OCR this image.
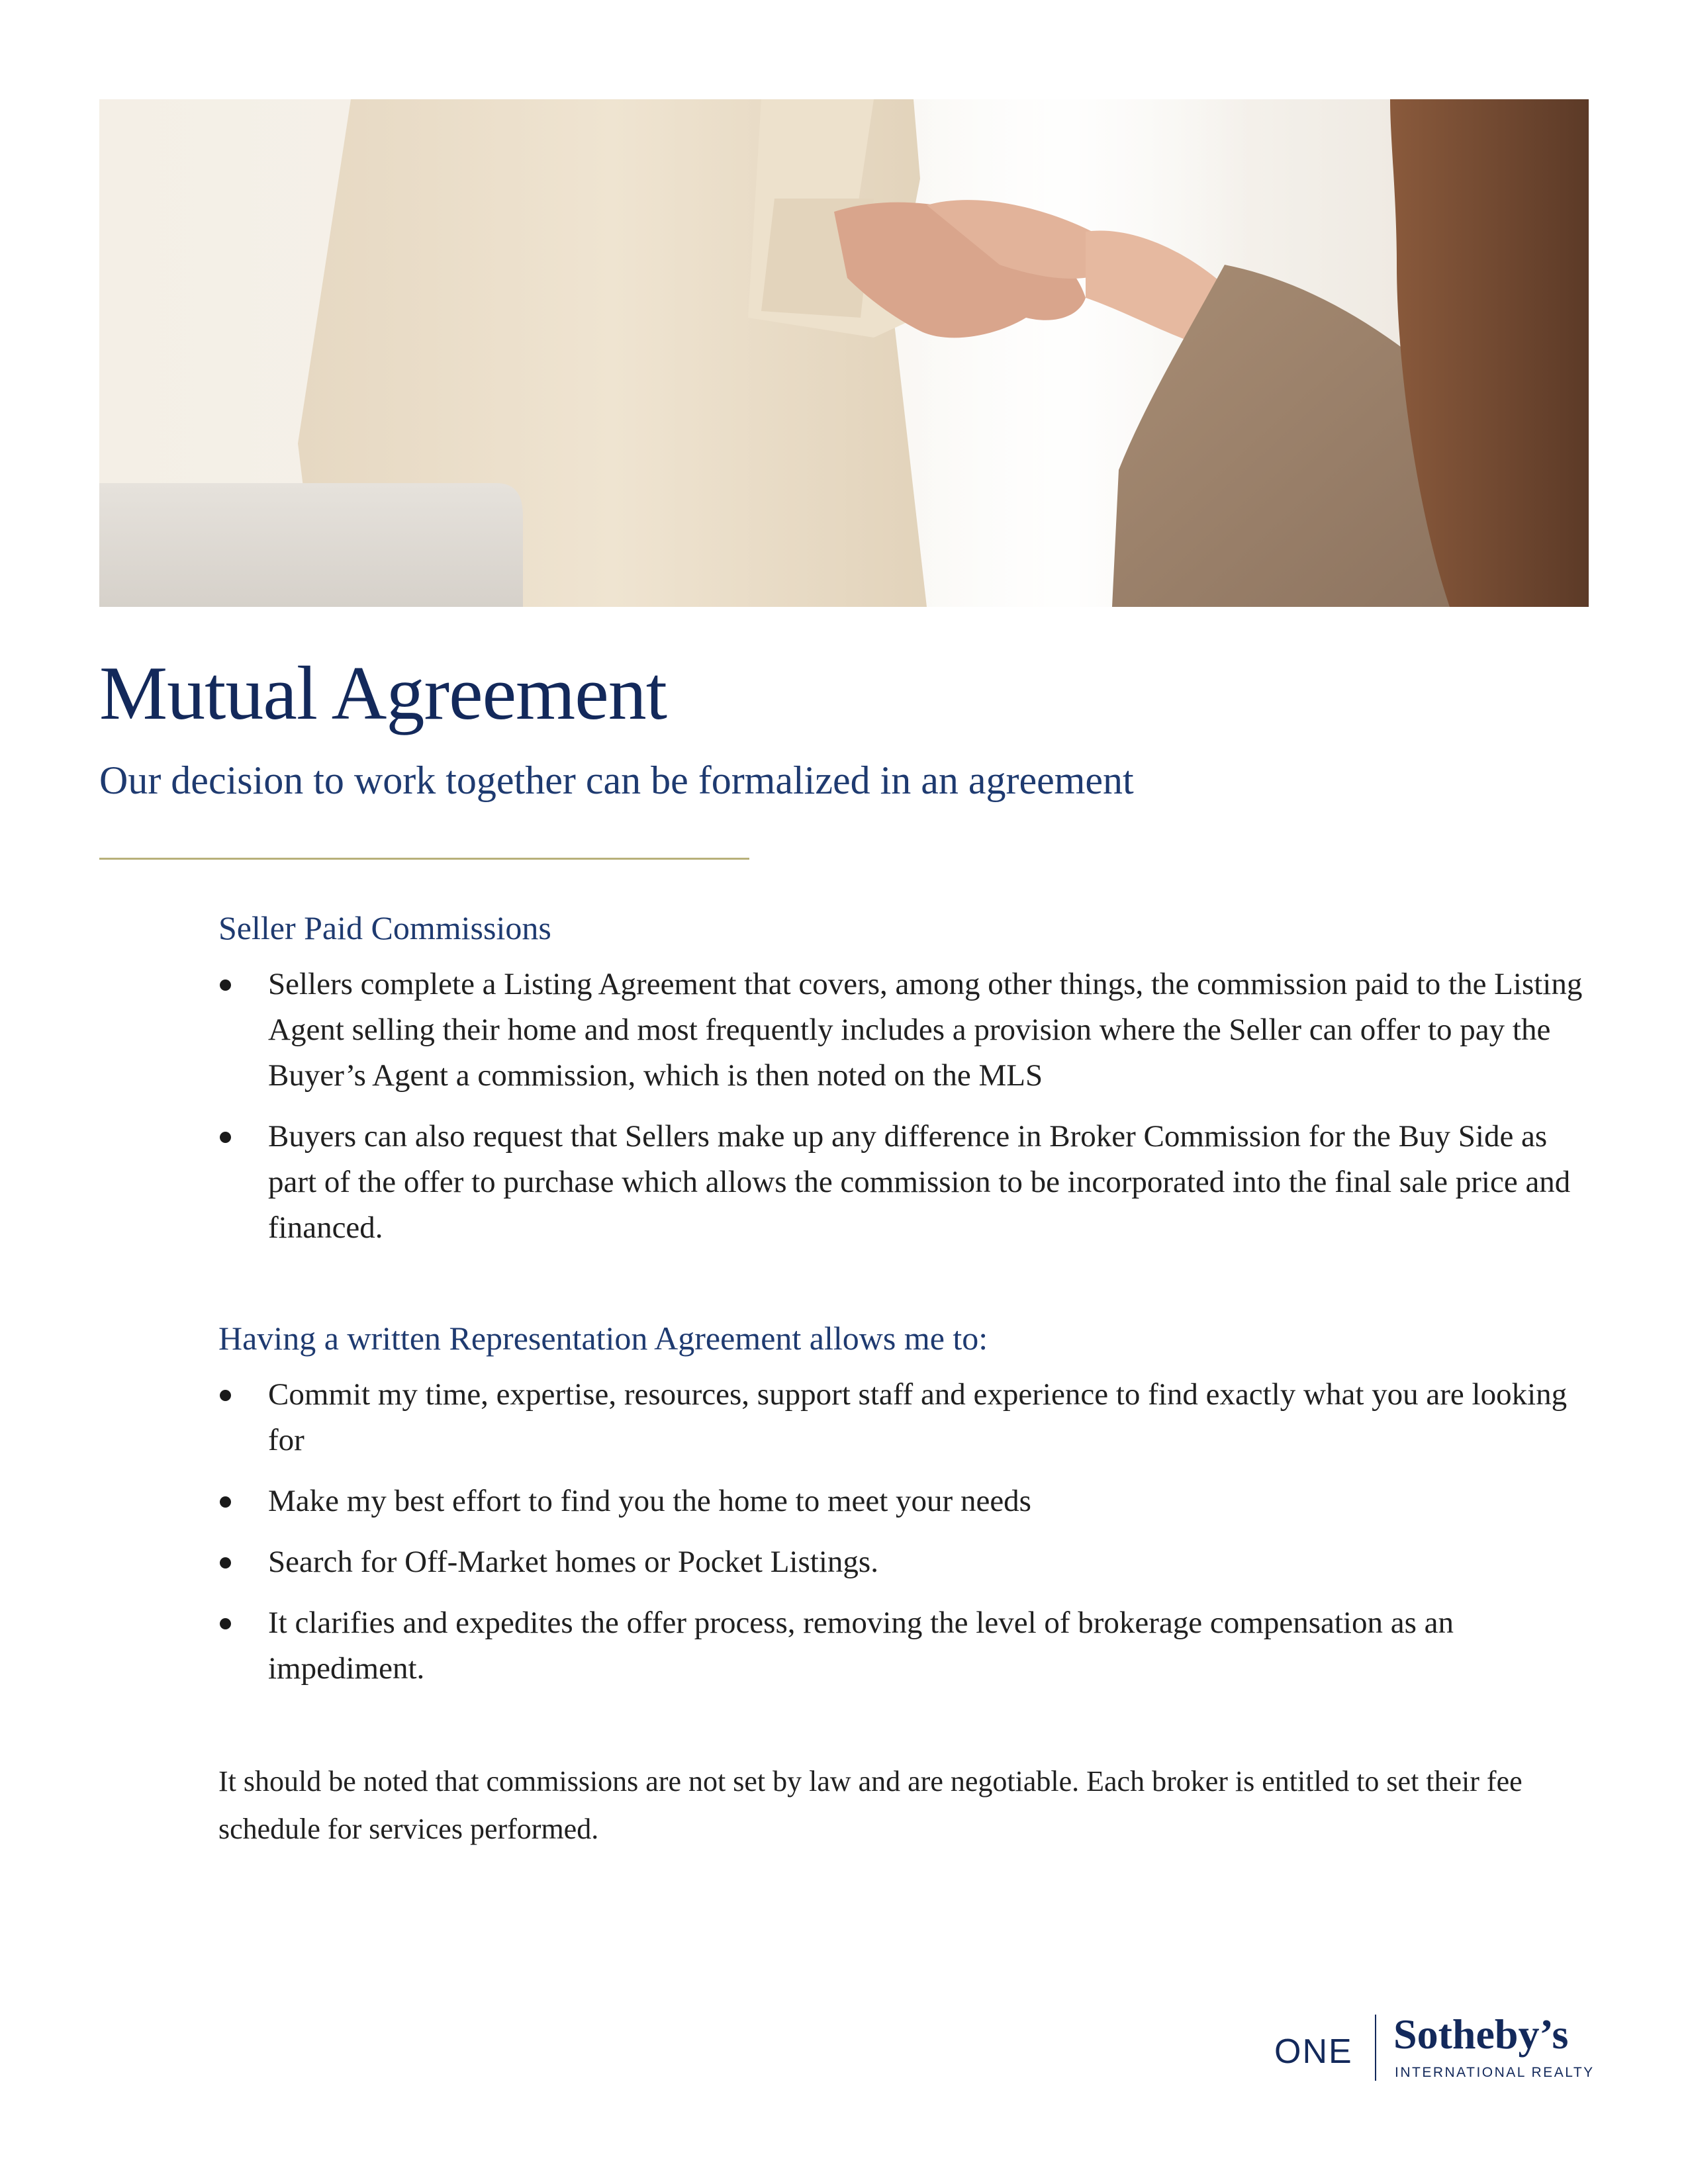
Mutual Agreement
Our decision to work together can be formalized in an agreement
Seller Paid Commissions
Sellers complete a Listing Agreement that covers, among other things, the commission paid to the Listing Agent selling their home and most frequently includes a provision where the Seller can offer to pay the Buyer’s Agent a commission, which is then noted on the MLS
Buyers can also request that Sellers make up any difference in Broker Commission for the Buy Side as part of the offer to purchase which allows the commission to be incorporated into the final sale price and financed.
Having a written Representation Agreement allows me to:
Commit my time, expertise, resources, support staff and experience to find exactly what you are looking for
Make my best effort to find you the home to meet your needs
Search for Off-Market homes or Pocket Listings.
It clarifies and expedites the offer process, removing the level of brokerage compensation as an impediment.

It should be noted that commissions are not set by law and are negotiable. Each broker is entitled to set their fee schedule for services performed.

ONE Sotheby’s
INTERNATIONAL REALTY
